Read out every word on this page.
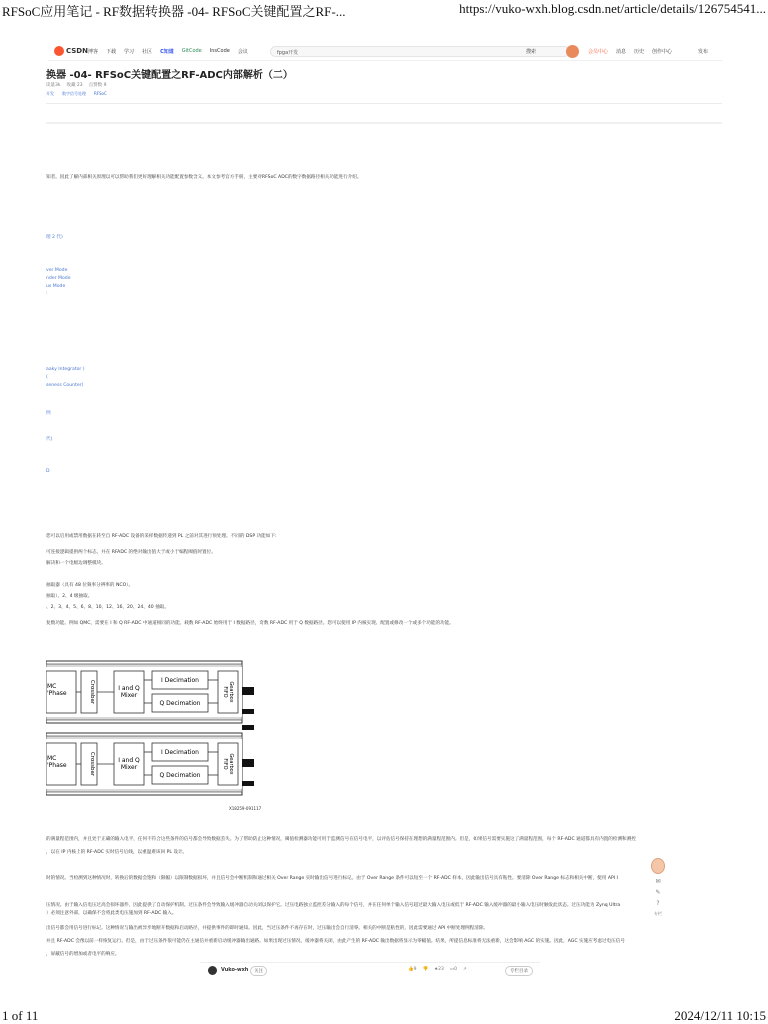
RFSoC应用笔记 - RF数据转换器 -04- RFSoC关键配置之RF-...	https://vuko-wxh.blog.csdn.net/article/details/126754541...
1 of 11	2024/12/11 10:15
CSDN 博客 下载 学习 社区 C知道 GitCode InsCode 会议	fpga开发	搜索	会员中心 消息 历史 创作中心	发布
换器 -04- RFSoC关键配置之RF-ADC内部解析（二）
读量3k 收藏 23 点赞数 9
开发 数字信号处理 RFSoC
知者。因此了解内部相关原理以可以帮助我们更好理解相关功能配置参数含义。本文参考官方手册，主要对RFSoC ADC的数字数据路径相关功能进行介绍。
理 2 代)
ver Mode
nder Mode
us Mode
:
aaky Integrator )
(
seness Counter)
例
代)
D
您可以启用或禁用数据在转至自 RF-ADC 设备的采样数据传递到 PL 之前对其进行预处理。不同的 DSP 功能如下:
可连接逻辑提供两个标志，并在 RFADC 的绝对输出值大于或小于编程阈值时置位。
解决和一个电级边调整模块。
抽取器（具有 48 位频率分辨率的 NCO）。
抽取）、2、4 级抽取。
、2、3、4、5、6、8、10、12、16、20、24、40 抽取。
复数功能。例如 QMC，需要在 I 和 Q RF-ADC 中通道相同的功能。载数 RF-ADC 始终用于 I 数据路径，奇数 RF-ADC 用于 Q 数据路径。您可以使用 IP 内核实现、配置或修改一个或多个功能的功能。
MC 'Phase	Crossbar	I and Q Mixer
I Decimation
Q Decimation
GearboxFIFO
MC 'Phase	Crossbar	I and Q Mixer
I Decimation
Q Decimation
GearboxFIFO
X18259-091117
的满量程范围内，并且处于正确的输入电平，任何不符合这些条件的信号都会导致数据丢失。为了帮助防止这种情况，阈值检测器功能可用于监测信号在信号电平，以评估信号保持在理想的满量程范围内。但是，如果信号需要实施这了满量程范围，每个 RF-ADC 通道都具有内置的检测和测控
，以在 IP 内核上的 RF-ADC 实时信号后线，以重温难该回 PL 设计。
时的情况。当检测到这种情况时，转换后的数据会饱和（限幅）以限制数据损坏，并且信号会中断机制和通过相关 Over Range 实时输出信号进行标记。由于 Over Range 条件可以短至一个 RF-ADC 样本，因此输出信号具有粘性。要清除 Over Range 标志和相关中断，使用 API I
压情况。由于输入信电压过高会损坏器件，因此提供了自动保护机制。过压条件会导致输入缓冲器自动关闭以保护它。过压电路独立监控差分输入的每个信号，并在任何单个输入信号超过最大输入电压或低于 RF-ADC 输入缓冲器的最小输入电压时触发此状态。过压功能为 Zynq Ultra
）必须注意外部，以确保不会将此类电压施加到 RF-ADC 输入。
出信号都会用信号进行标记。这种情况与输出被异步地断开数据和启动路径，并提供事件的即时通知。因此，当过压条件不再存在时，过压输出会自行清零。相关的中断是粘性的，因此需要通过 API 中断处理例程清除。
并且 RF-ADC 会像以前一样恢复运行。但是，由于过压条件很可能仍在主通信并重新启动缓冲器输出通路。如果出现过压情况，缓冲器将关闭，由此产生的 RF-ADC 输出数据将显示为零幅值。结果，所提信息标准将无法重新，这会影响 AGC 的实施。因此，AGC 实施应考虑过电压信号
，屏蔽信号的增加或者电平的响应。
✉
✎
?
专栏
Vuko-wxh	关注	👍9 👎 ★23 ▭0 ↗	专栏目录
